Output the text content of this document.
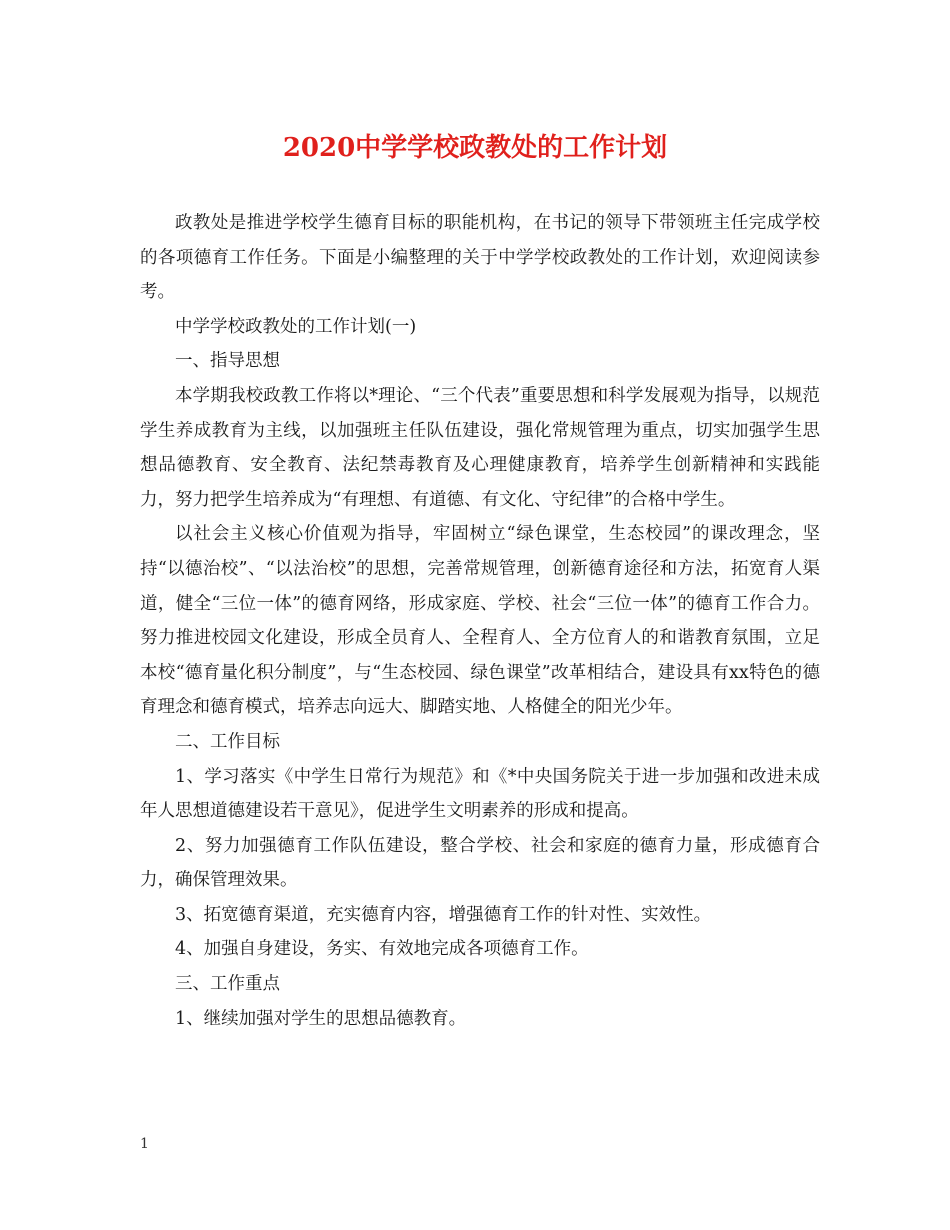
2020中学学校政教处的工作计划

政教处是推进学校学生德育目标的职能机构，在书记的领导下带领班主任完成学校的各项德育工作任务。下面是小编整理的关于中学学校政教处的工作计划，欢迎阅读参考。

中学学校政教处的工作计划(一)

一、指导思想

本学期我校政教工作将以*理论、“三个代表”重要思想和科学发展观为指导，以规范学生养成教育为主线，以加强班主任队伍建设，强化常规管理为重点，切实加强学生思想品德教育、安全教育、法纪禁毒教育及心理健康教育，培养学生创新精神和实践能力，努力把学生培养成为“有理想、有道德、有文化、守纪律”的合格中学生。

以社会主义核心价值观为指导，牢固树立“绿色课堂，生态校园”的课改理念，坚持“以德治校”、“以法治校”的思想，完善常规管理，创新德育途径和方法，拓宽育人渠道，健全“三位一体”的德育网络，形成家庭、学校、社会“三位一体”的德育工作合力。努力推进校园文化建设，形成全员育人、全程育人、全方位育人的和谐教育氛围，立足本校“德育量化积分制度”，与“生态校园、绿色课堂”改革相结合，建设具有xx特色的德育理念和德育模式，培养志向远大、脚踏实地、人格健全的阳光少年。

二、工作目标

1、学习落实《中学生日常行为规范》和《*中央国务院关于进一步加强和改进未成年人思想道德建设若干意见》，促进学生文明素养的形成和提高。

2、努力加强德育工作队伍建设，整合学校、社会和家庭的德育力量，形成德育合力，确保管理效果。

3、拓宽德育渠道，充实德育内容，增强德育工作的针对性、实效性。

4、加强自身建设，务实、有效地完成各项德育工作。

三、工作重点

1、继续加强对学生的思想品德教育。

1
